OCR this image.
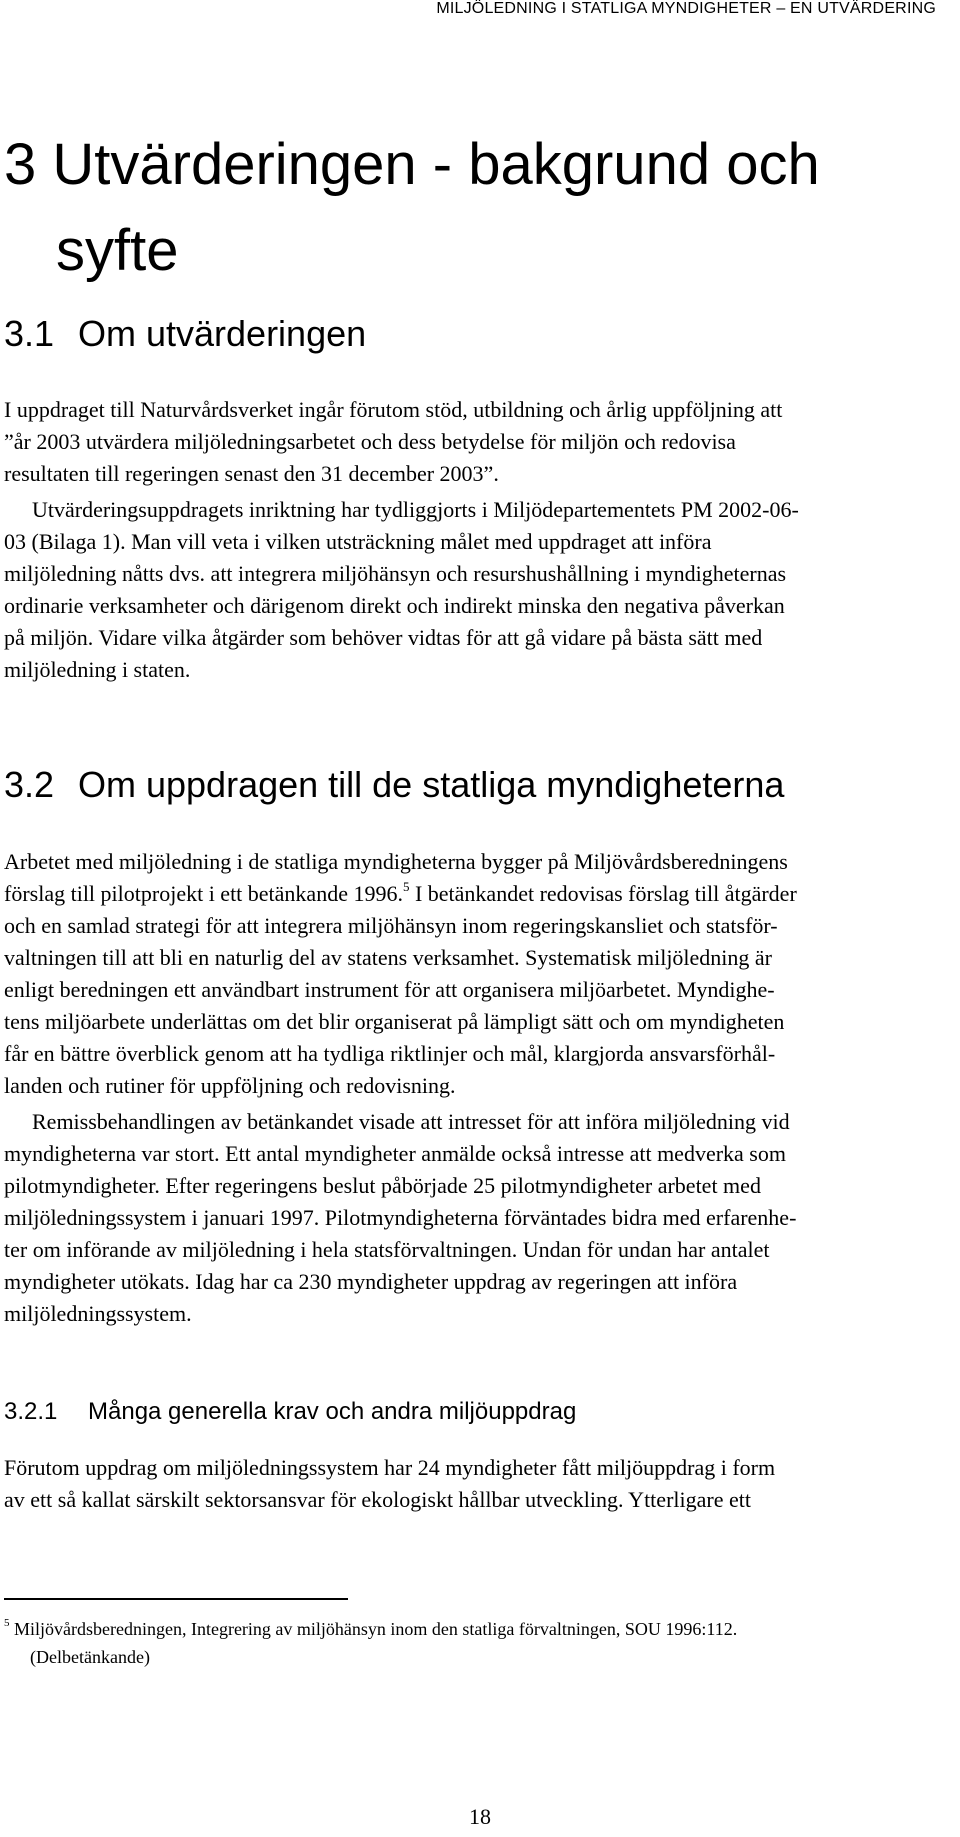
MILJÖLEDNING I STATLIGA MYNDIGHETER – EN UTVÄRDERING
3 Utvärderingen - bakgrund och
syfte
3.1 Om utvärderingen
I uppdraget till Naturvårdsverket ingår förutom stöd, utbildning och årlig uppföljning att
”år 2003 utvärdera miljöledningsarbetet och dess betydelse för miljön och redovisa
resultaten till regeringen senast den 31 december 2003”.
Utvärderingsuppdragets inriktning har tydliggjorts i Miljödepartementets PM 2002-06-
03 (Bilaga 1). Man vill veta i vilken utsträckning målet med uppdraget att införa
miljöledning nåtts dvs. att integrera miljöhänsyn och resurshushållning i myndigheternas
ordinarie verksamheter och därigenom direkt och indirekt minska den negativa påverkan
på miljön. Vidare vilka åtgärder som behöver vidtas för att gå vidare på bästa sätt med
miljöledning i staten.
3.2 Om uppdragen till de statliga myndigheterna
Arbetet med miljöledning i de statliga myndigheterna bygger på Miljövårdsberedningens
förslag till pilotprojekt i ett betänkande 1996.$^5$ I betänkandet redovisas förslag till åtgärder
och en samlad strategi för att integrera miljöhänsyn inom regeringskansliet och statsför-
valtningen till att bli en naturlig del av statens verksamhet. Systematisk miljöledning är
enligt beredningen ett användbart instrument för att organisera miljöarbetet. Myndighe-
tens miljöarbete underlättas om det blir organiserat på lämpligt sätt och om myndigheten
får en bättre överblick genom att ha tydliga riktlinjer och mål, klargjorda ansvarsförhål-
landen och rutiner för uppföljning och redovisning.
Remissbehandlingen av betänkandet visade att intresset för att införa miljöledning vid
myndigheterna var stort. Ett antal myndigheter anmälde också intresse att medverka som
pilotmyndigheter. Efter regeringens beslut påbörjade 25 pilotmyndigheter arbetet med
miljöledningssystem i januari 1997. Pilotmyndigheterna förväntades bidra med erfarenhe-
ter om införande av miljöledning i hela statsförvaltningen. Undan för undan har antalet
myndigheter utökats. Idag har ca 230 myndigheter uppdrag av regeringen att införa
miljöledningssystem.
3.2.1 Många generella krav och andra miljöuppdrag
Förutom uppdrag om miljöledningssystem har 24 myndigheter fått miljöuppdrag i form
av ett så kallat särskilt sektorsansvar för ekologiskt hållbar utveckling. Ytterligare ett
$^5$ Miljövårdsberedningen, Integrering av miljöhänsyn inom den statliga förvaltningen, SOU 1996:112.
(Delbetänkande)
18
